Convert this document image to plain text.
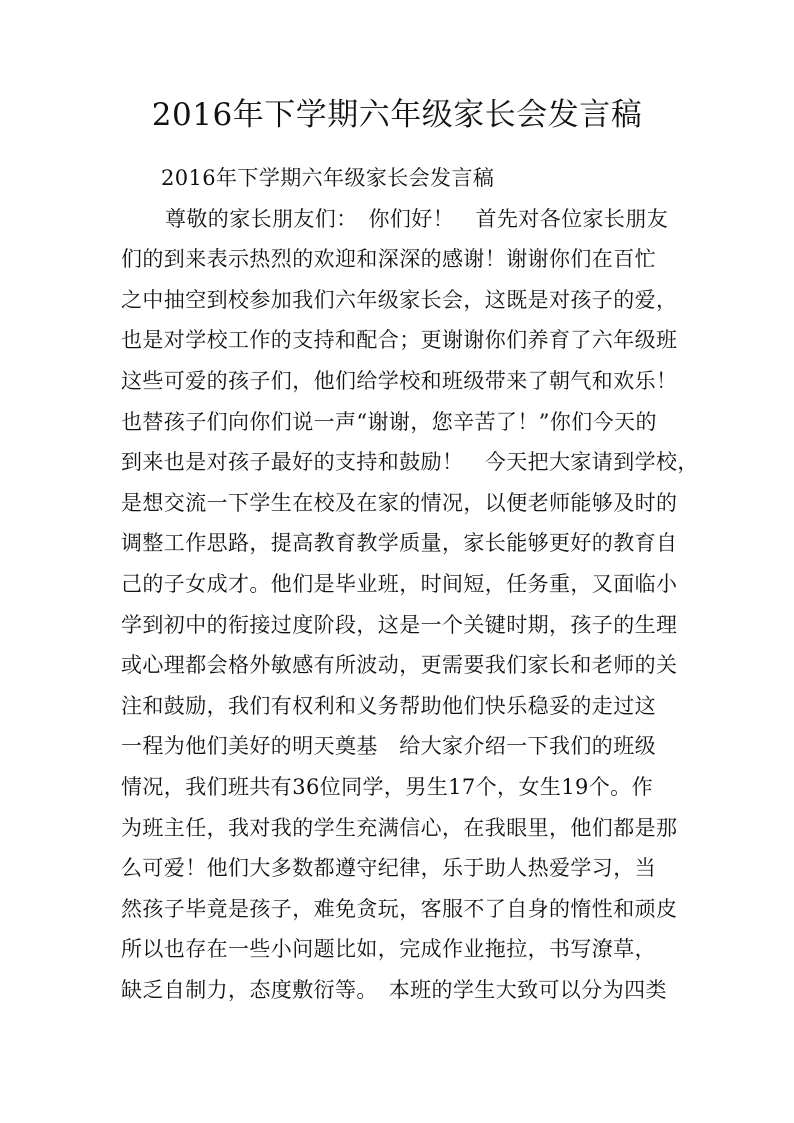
2016年下学期六年级家长会发言稿
2016年下学期六年级家长会发言稿
尊敬的家长朋友们：　你们好！　首先对各位家长朋友
们的到来表示热烈的欢迎和深深的感谢！谢谢你们在百忙
之中抽空到校参加我们六年级家长会，这既是对孩子的爱，
也是对学校工作的支持和配合；更谢谢你们养育了六年级班
这些可爱的孩子们，他们给学校和班级带来了朝气和欢乐！
也替孩子们向你们说一声“谢谢，您辛苦了！”你们今天的
到来也是对孩子最好的支持和鼓励！　今天把大家请到学校，
是想交流一下学生在校及在家的情况，以便老师能够及时的
调整工作思路，提高教育教学质量，家长能够更好的教育自
己的子女成才。他们是毕业班，时间短，任务重，又面临小
学到初中的衔接过度阶段，这是一个关键时期，孩子的生理
或心理都会格外敏感有所波动，更需要我们家长和老师的关
注和鼓励，我们有权利和义务帮助他们快乐稳妥的走过这
一程为他们美好的明天奠基　给大家介绍一下我们的班级
情况，我们班共有36位同学，男生17个，女生19个。作
为班主任，我对我的学生充满信心，在我眼里，他们都是那
么可爱！他们大多数都遵守纪律，乐于助人热爱学习，当
然孩子毕竟是孩子，难免贪玩，客服不了自身的惰性和顽皮
所以也存在一些小问题比如，完成作业拖拉，书写潦草，
缺乏自制力，态度敷衍等。　本班的学生大致可以分为四类
